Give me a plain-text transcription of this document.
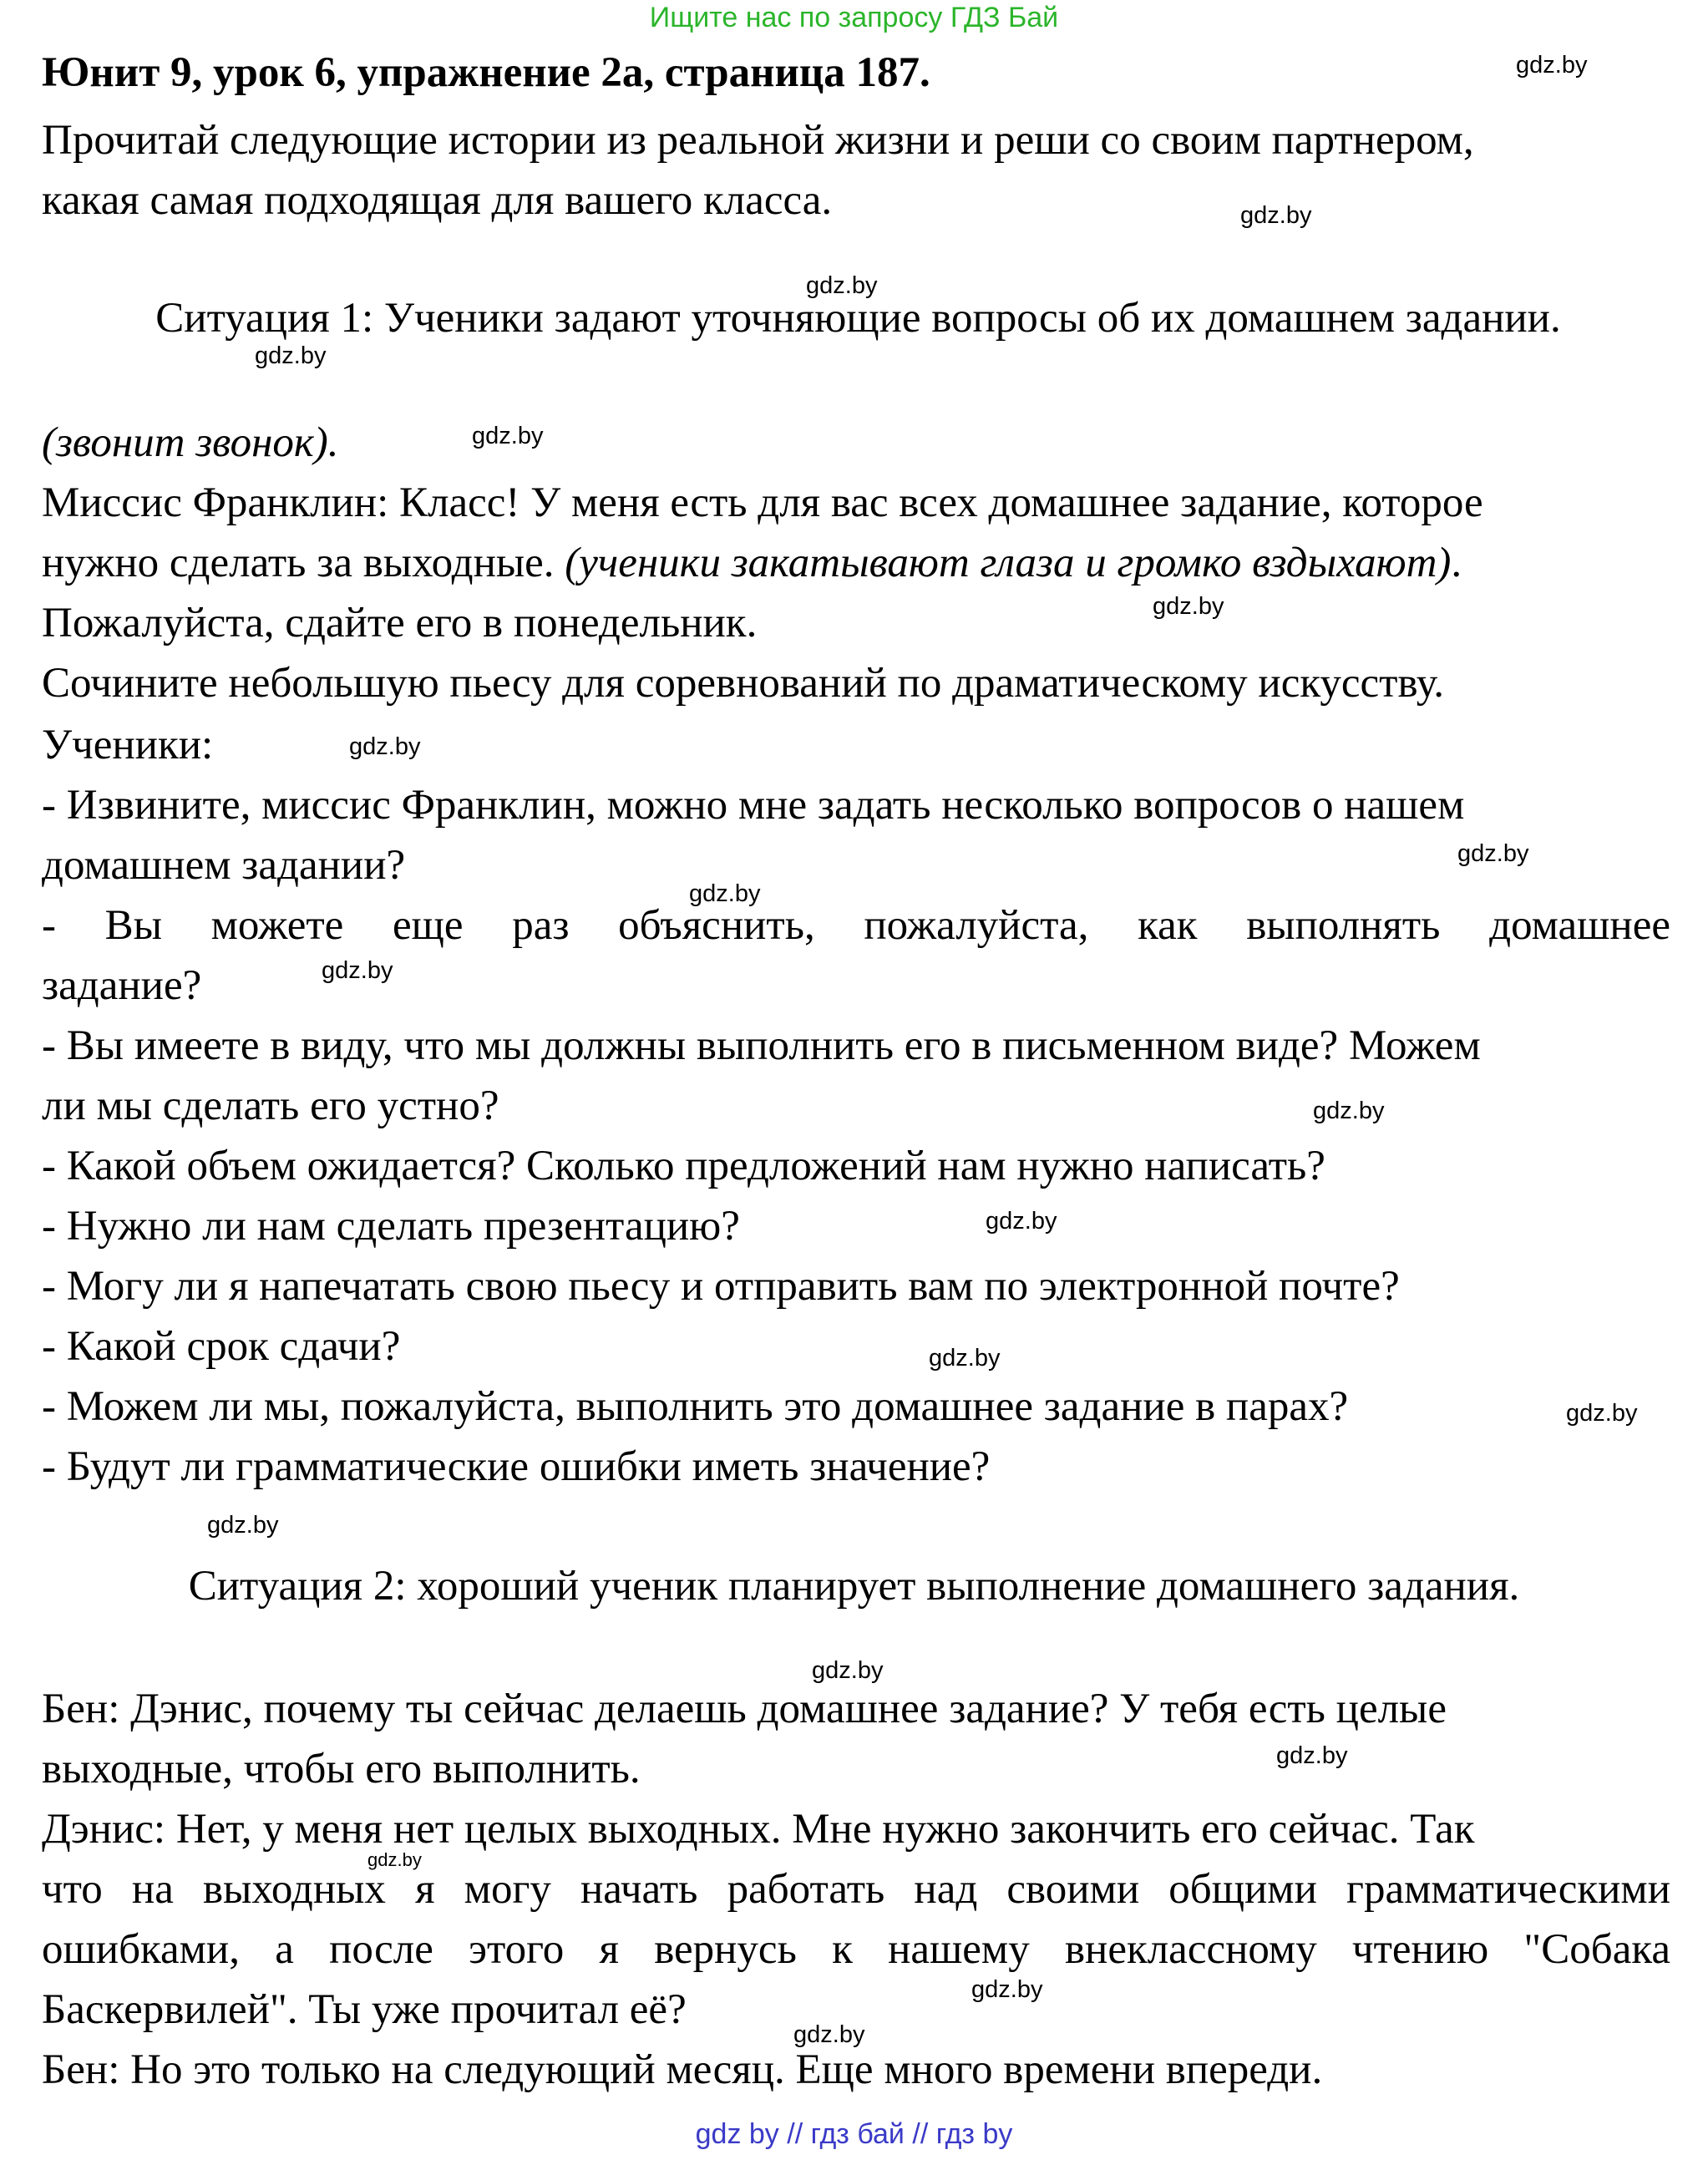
Ищите нас по запросу ГДЗ Бай
Юнит 9, урок 6, упражнение 2а, страница 187.
Прочитай следующие истории из реальной жизни и реши со своим партнером,
какая самая подходящая для вашего класса.
Ситуация 1: Ученики задают уточняющие вопросы об их домашнем задании.
(звонит звонок).
Миссис Франклин: Класс! У меня есть для вас всех домашнее задание, которое
нужно сделать за выходные. (ученики закатывают глаза и громко вздыхают).
Пожалуйста, сдайте его в понедельник.
Сочините небольшую пьесу для соревнований по драматическому искусству.
Ученики:
- Извините, миссис Франклин, можно мне задать несколько вопросов о нашем
домашнем задании?
- Вы можете еще раз объяснить, пожалуйста, как выполнять домашнее
задание?
- Вы имеете в виду, что мы должны выполнить его в письменном виде? Можем
ли мы сделать его устно?
- Какой объем ожидается? Сколько предложений нам нужно написать?
- Нужно ли нам сделать презентацию?
- Могу ли я напечатать свою пьесу и отправить вам по электронной почте?
- Какой срок сдачи?
- Можем ли мы, пожалуйста, выполнить это домашнее задание в парах?
- Будут ли грамматические ошибки иметь значение?
Ситуация 2: хороший ученик планирует выполнение домашнего задания.
Бен: Дэнис, почему ты сейчас делаешь домашнее задание? У тебя есть целые
выходные, чтобы его выполнить.
Дэнис: Нет, у меня нет целых выходных. Мне нужно закончить его сейчас. Так
что на выходных я могу начать работать над своими общими грамматическими
ошибками, а после этого я вернусь к нашему внеклассному чтению "Собака
Баскервилей". Ты уже прочитал её?
Бен: Но это только на следующий месяц. Еще много времени впереди.
gdz.by
gdz.by
gdz.by
gdz.by
gdz.by
gdz.by
gdz.by
gdz.by
gdz.by
gdz.by
gdz.by
gdz.by
gdz.by
gdz.by
gdz.by
gdz.by
gdz.by
gdz.by
gdz.by
gdz.by
gdz by // гдз бай // гдз by
